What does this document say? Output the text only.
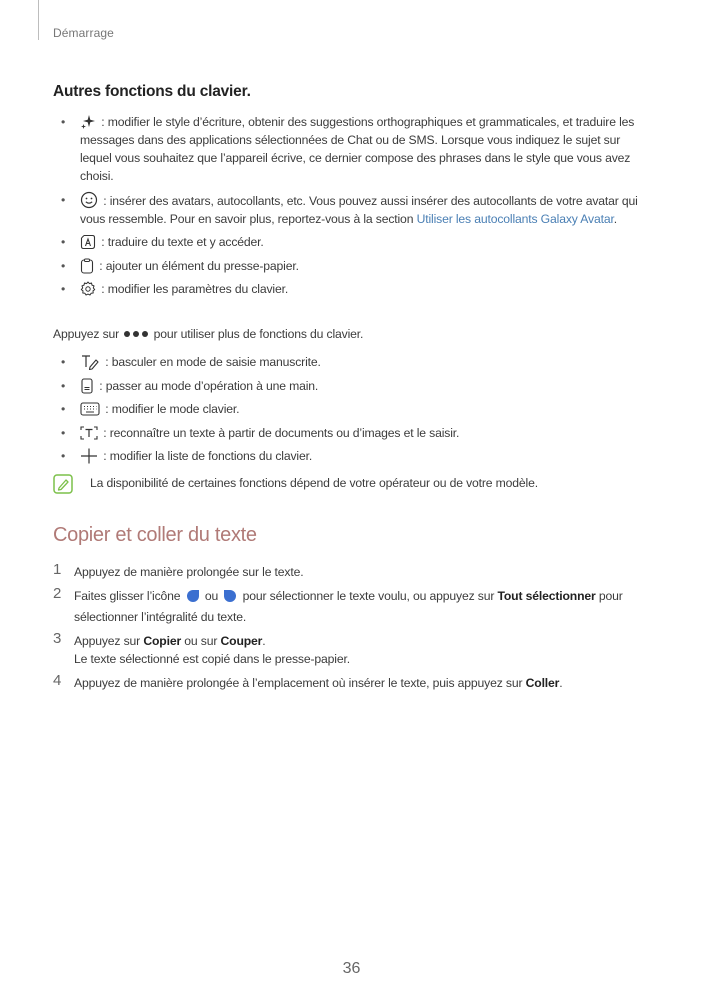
Démarrage
Autres fonctions du clavier.
•	: modifier le style d’écriture, obtenir des suggestions orthographiques et grammaticales, et traduire les messages dans des applications sélectionnées de Chat ou de SMS. Lorsque vous indiquez le sujet sur lequel vous souhaitez que l’appareil écrive, ce dernier compose des phrases dans le style que vous avez choisi.
•	: insérer des avatars, autocollants, etc. Vous pouvez aussi insérer des autocollants de votre avatar qui vous ressemble. Pour en savoir plus, reportez-vous à la section Utiliser les autocollants Galaxy Avatar.
•	: traduire du texte et y accéder.
•	: ajouter un élément du presse-papier.
•	: modifier les paramètres du clavier.
Appuyez sur  pour utiliser plus de fonctions du clavier.
•	: basculer en mode de saisie manuscrite.
•	: passer au mode d’opération à une main.
•	: modifier le mode clavier.
•	: reconnaître un texte à partir de documents ou d’images et le saisir.
•	: modifier la liste de fonctions du clavier.
La disponibilité de certaines fonctions dépend de votre opérateur ou de votre modèle.
Copier et coller du texte
1 Appuyez de manière prolongée sur le texte.
2 Faites glisser l’icône  ou  pour sélectionner le texte voulu, ou appuyez sur Tout sélectionner pour sélectionner l’intégralité du texte.
3 Appuyez sur Copier ou sur Couper.
Le texte sélectionné est copié dans le presse-papier.
4 Appuyez de manière prolongée à l’emplacement où insérer le texte, puis appuyez sur Coller.
36
